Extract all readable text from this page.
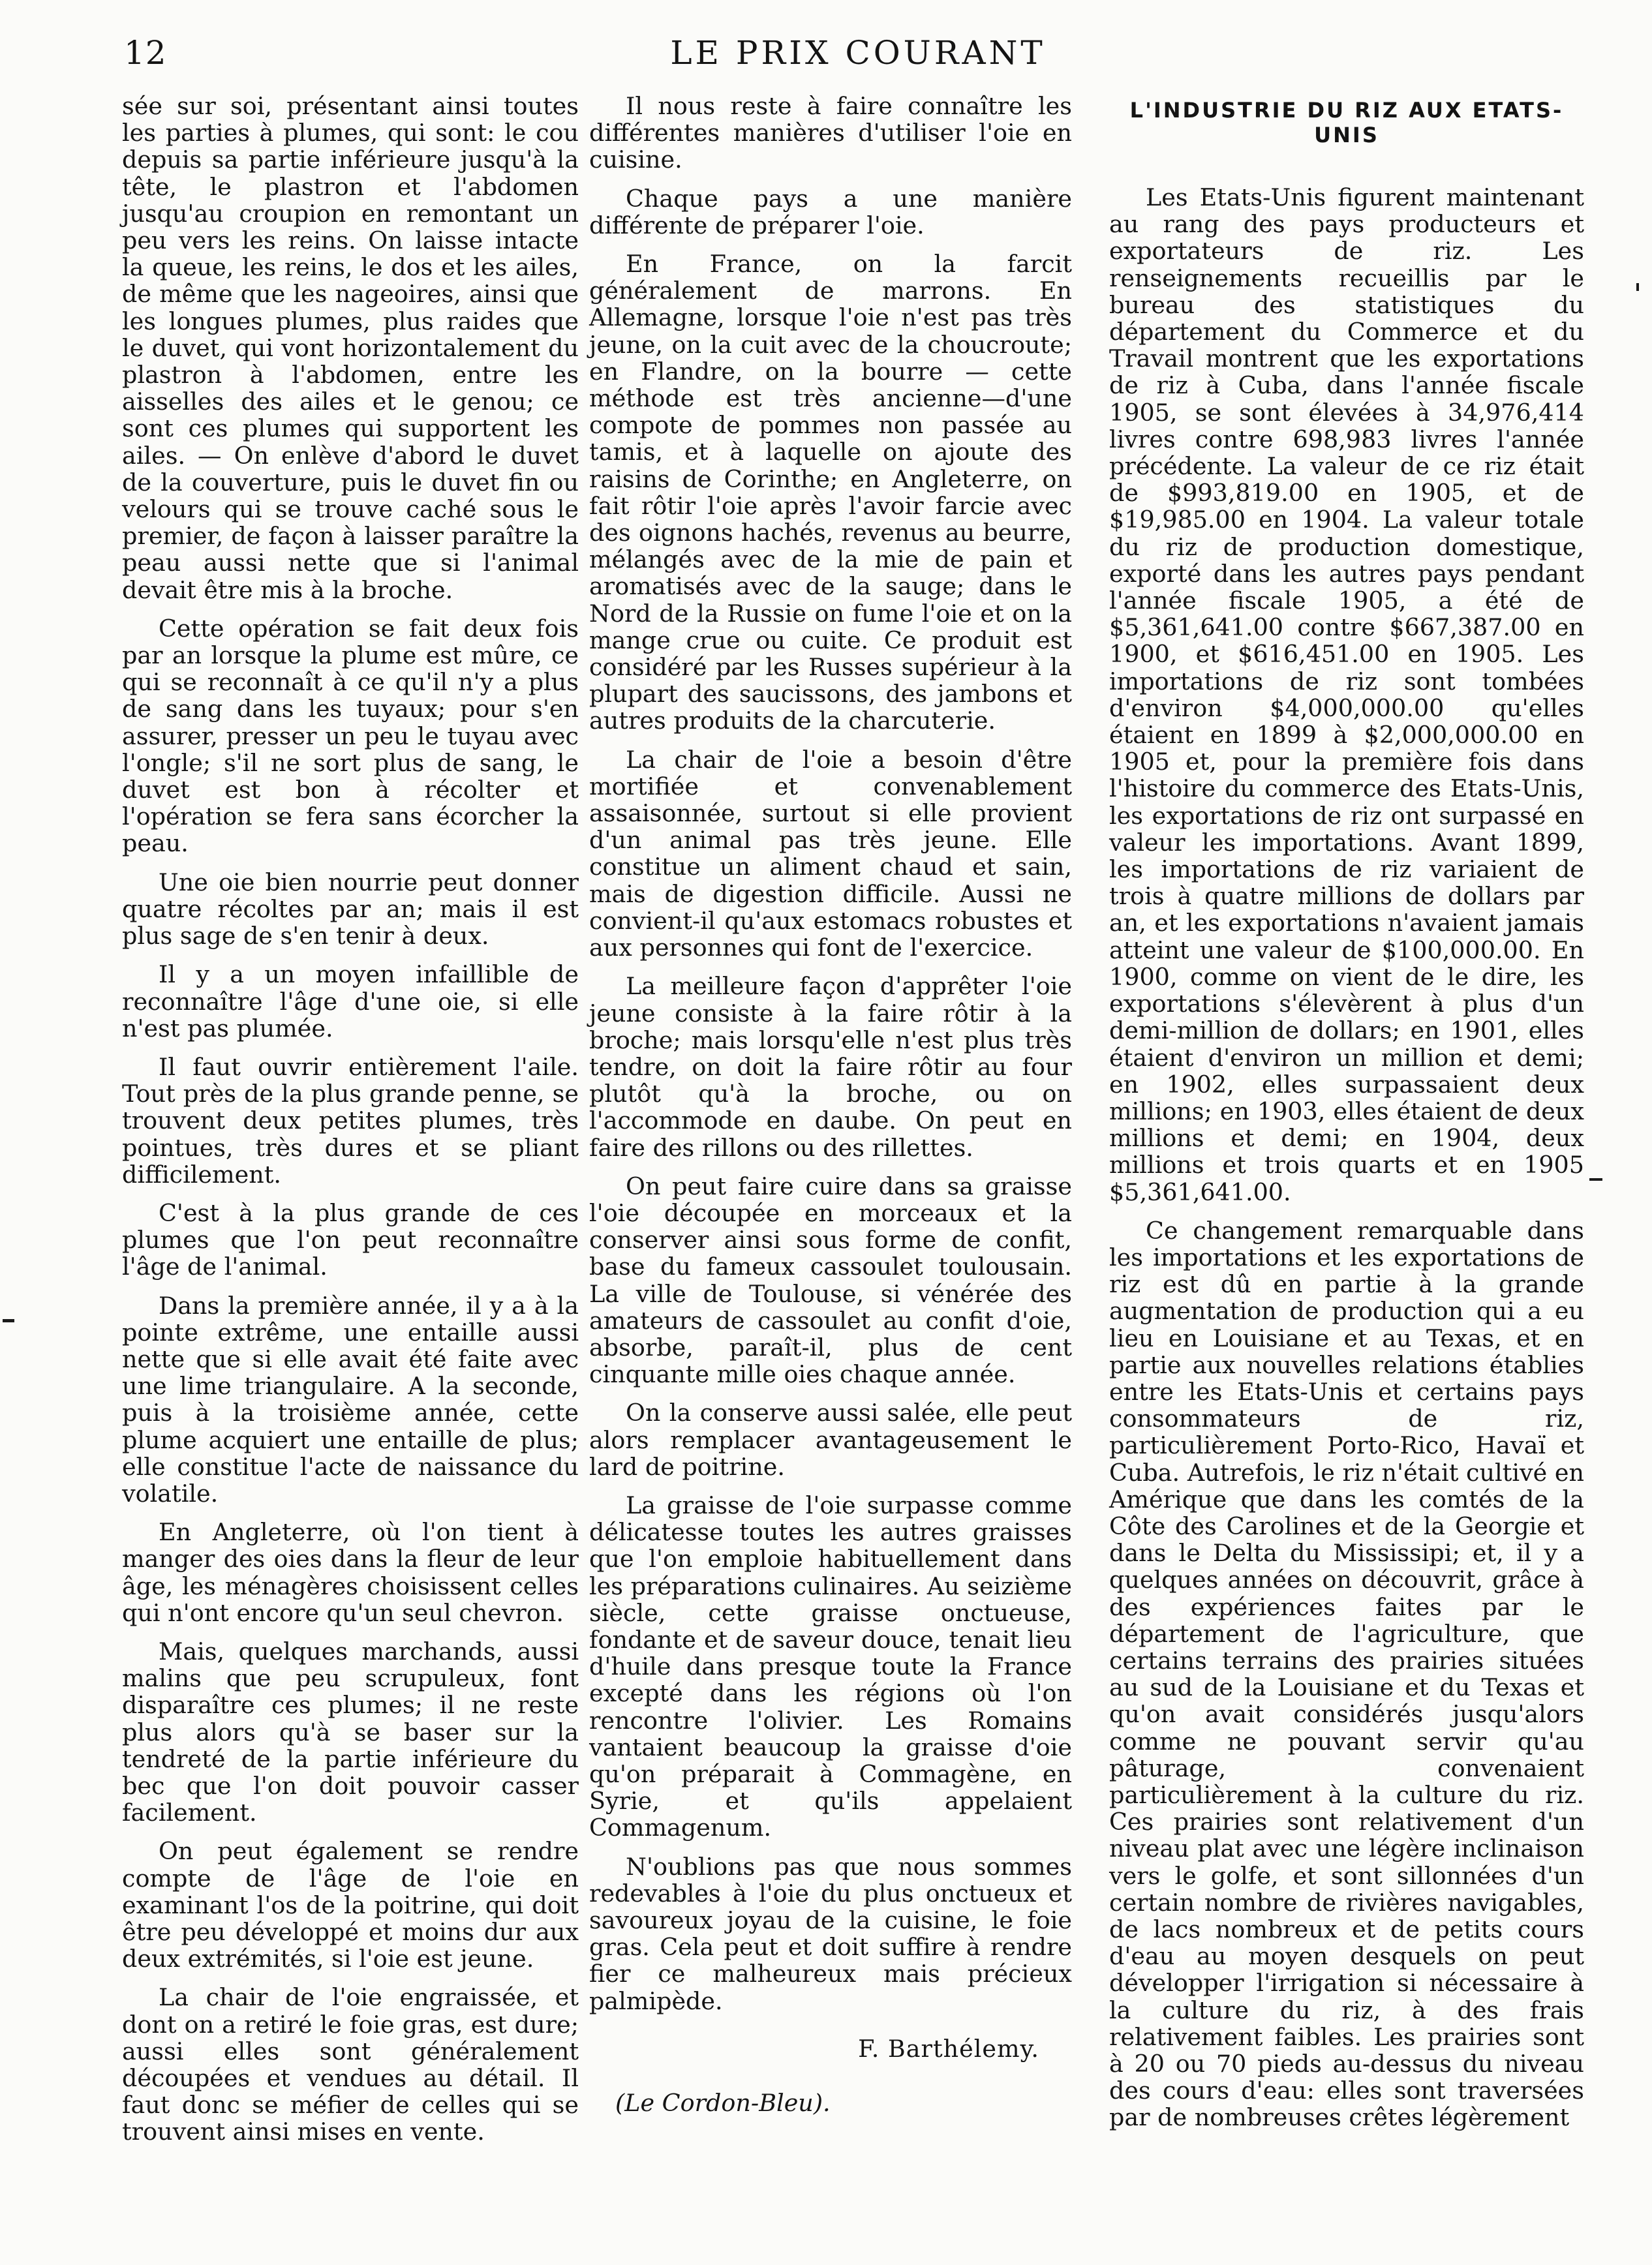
12	LE PRIX COURANT

sée sur soi, présentant ainsi toutes les parties à plumes, qui sont: le cou depuis sa partie inférieure jusqu'à la tête, le plastron et l'abdomen jusqu'au croupion en remontant un peu vers les reins. On laisse intacte la queue, les reins, le dos et les ailes, de même que les nageoires, ainsi que les longues plumes, plus raides que le duvet, qui vont horizontalement du plastron à l'abdomen, entre les aisselles des ailes et le genou; ce sont ces plumes qui supportent les ailes. — On enlève d'abord le duvet de la couverture, puis le duvet fin ou velours qui se trouve caché sous le premier, de façon à laisser paraître la peau aussi nette que si l'animal devait être mis à la broche.

Cette opération se fait deux fois par an lorsque la plume est mûre, ce qui se reconnaît à ce qu'il n'y a plus de sang dans les tuyaux; pour s'en assurer, presser un peu le tuyau avec l'ongle; s'il ne sort plus de sang, le duvet est bon à récolter et l'opération se fera sans écorcher la peau.

Une oie bien nourrie peut donner quatre récoltes par an; mais il est plus sage de s'en tenir à deux.

Il y a un moyen infaillible de reconnaître l'âge d'une oie, si elle n'est pas plumée.

Il faut ouvrir entièrement l'aile. Tout près de la plus grande penne, se trouvent deux petites plumes, très pointues, très dures et se pliant difficilement.

C'est à la plus grande de ces plumes que l'on peut reconnaître l'âge de l'animal.

Dans la première année, il y a à la pointe extrême, une entaille aussi nette que si elle avait été faite avec une lime triangulaire. A la seconde, puis à la troisième année, cette plume acquiert une entaille de plus; elle constitue l'acte de naissance du volatile.

En Angleterre, où l'on tient à manger des oies dans la fleur de leur âge, les ménagères choisissent celles qui n'ont encore qu'un seul chevron.

Mais, quelques marchands, aussi malins que peu scrupuleux, font disparaître ces plumes; il ne reste plus alors qu'à se baser sur la tendreté de la partie inférieure du bec que l'on doit pouvoir casser facilement.

On peut également se rendre compte de l'âge de l'oie en examinant l'os de la poitrine, qui doit être peu développé et moins dur aux deux extrémités, si l'oie est jeune.

La chair de l'oie engraissée, et dont on a retiré le foie gras, est dure; aussi elles sont généralement découpées et vendues au détail. Il faut donc se méfier de celles qui se trouvent ainsi mises en vente.

Il nous reste à faire connaître les différentes manières d'utiliser l'oie en cuisine.

Chaque pays a une manière différente de préparer l'oie.

En France, on la farcit généralement de marrons. En Allemagne, lorsque l'oie n'est pas très jeune, on la cuit avec de la choucroute; en Flandre, on la bourre — cette méthode est très ancienne—d'une compote de pommes non passée au tamis, et à laquelle on ajoute des raisins de Corinthe; en Angleterre, on fait rôtir l'oie après l'avoir farcie avec des oignons hachés, revenus au beurre, mélangés avec de la mie de pain et aromatisés avec de la sauge; dans le Nord de la Russie on fume l'oie et on la mange crue ou cuite. Ce produit est considéré par les Russes supérieur à la plupart des saucissons, des jambons et autres produits de la charcuterie.

La chair de l'oie a besoin d'être mortifiée et convenablement assaisonnée, surtout si elle provient d'un animal pas très jeune. Elle constitue un aliment chaud et sain, mais de digestion difficile. Aussi ne convient-il qu'aux estomacs robustes et aux personnes qui font de l'exercice.

La meilleure façon d'apprêter l'oie jeune consiste à la faire rôtir à la broche; mais lorsqu'elle n'est plus très tendre, on doit la faire rôtir au four plutôt qu'à la broche, ou on l'accommode en daube. On peut en faire des rillons ou des rillettes.

On peut faire cuire dans sa graisse l'oie découpée en morceaux et la conserver ainsi sous forme de confit, base du fameux cassoulet toulousain. La ville de Toulouse, si vénérée des amateurs de cassoulet au confit d'oie, absorbe, paraît-il, plus de cent cinquante mille oies chaque année.

On la conserve aussi salée, elle peut alors remplacer avantageusement le lard de poitrine.

La graisse de l'oie surpasse comme délicatesse toutes les autres graisses que l'on emploie habituellement dans les préparations culinaires. Au seizième siècle, cette graisse onctueuse, fondante et de saveur douce, tenait lieu d'huile dans presque toute la France excepté dans les régions où l'on rencontre l'olivier. Les Romains vantaient beaucoup la graisse d'oie qu'on préparait à Commagène, en Syrie, et qu'ils appelaient Commagenum.

N'oublions pas que nous sommes redevables à l'oie du plus onctueux et savoureux joyau de la cuisine, le foie gras. Cela peut et doit suffire à rendre fier ce malheureux mais précieux palmipède.

F. Barthélemy.

(Le Cordon-Bleu).

L'INDUSTRIE DU RIZ AUX ETATS-UNIS

Les Etats-Unis figurent maintenant au rang des pays producteurs et exportateurs de riz. Les renseignements recueillis par le bureau des statistiques du département du Commerce et du Travail montrent que les exportations de riz à Cuba, dans l'année fiscale 1905, se sont élevées à 34,976,414 livres contre 698,983 livres l'année précédente. La valeur de ce riz était de $993,819.00 en 1905, et de $19,985.00 en 1904. La valeur totale du riz de production domestique, exporté dans les autres pays pendant l'année fiscale 1905, a été de $5,361,641.00 contre $667,387.00 en 1900, et $616,451.00 en 1905. Les importations de riz sont tombées d'environ $4,000,000.00 qu'elles étaient en 1899 à $2,000,000.00 en 1905 et, pour la première fois dans l'histoire du commerce des Etats-Unis, les exportations de riz ont surpassé en valeur les importations. Avant 1899, les importations de riz variaient de trois à quatre millions de dollars par an, et les exportations n'avaient jamais atteint une valeur de $100,000.00. En 1900, comme on vient de le dire, les exportations s'élevèrent à plus d'un demi-million de dollars; en 1901, elles étaient d'environ un million et demi; en 1902, elles surpassaient deux millions; en 1903, elles étaient de deux millions et demi; en 1904, deux millions et trois quarts et en 1905 $5,361,641.00.

Ce changement remarquable dans les importations et les exportations de riz est dû en partie à la grande augmentation de production qui a eu lieu en Louisiane et au Texas, et en partie aux nouvelles relations établies entre les Etats-Unis et certains pays consommateurs de riz, particulièrement Porto-Rico, Havaï et Cuba. Autrefois, le riz n'était cultivé en Amérique que dans les comtés de la Côte des Carolines et de la Georgie et dans le Delta du Mississipi; et, il y a quelques années on découvrit, grâce à des expériences faites par le département de l'agriculture, que certains terrains des prairies situées au sud de la Louisiane et du Texas et qu'on avait considérés jusqu'alors comme ne pouvant servir qu'au pâturage, convenaient particulièrement à la culture du riz. Ces prairies sont relativement d'un niveau plat avec une légère inclinaison vers le golfe, et sont sillonnées d'un certain nombre de rivières navigables, de lacs nombreux et de petits cours d'eau au moyen desquels on peut développer l'irrigation si nécessaire à la culture du riz, à des frais relativement faibles. Les prairies sont à 20 ou 70 pieds au-dessus du niveau des cours d'eau: elles sont traversées par de nombreuses crêtes légèrement
